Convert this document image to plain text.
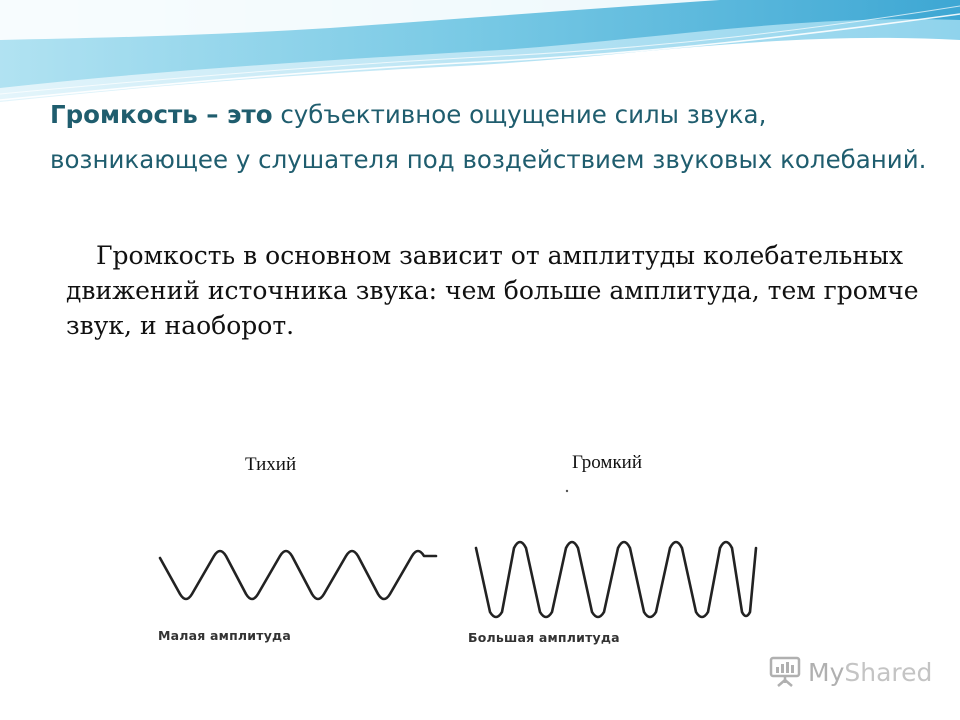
Громкость – это субъективное ощущение силы звука, возникающее у слушателя под воздействием звуковых колебаний.

Громкость в основном зависит от амплитуды колебательных движений источника звука: чем больше амплитуда, тем громче звук, и наоборот.

Тихий	Громкий

Малая амплитуда	Большая амплитуда

MyShared
